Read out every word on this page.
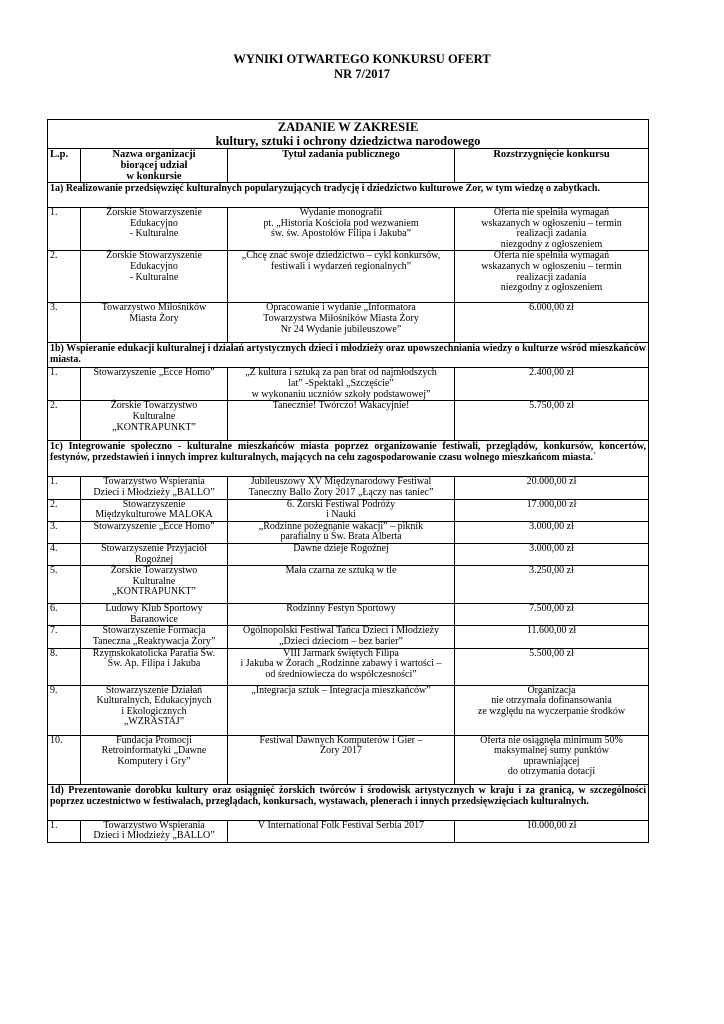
WYNIKI OTWARTEGO KONKURSU OFERT
NR 7/2017
ZADANIE W ZAKRESIE
kultury, sztuki i ochrony dziedzictwa narodowego			

L.p.	Nazwa organizacji
biorącej udział
w konkursie	Tytuł zadania publicznego	Rozstrzygnięcie konkursu
1a) Realizowanie przedsięwzięć kulturalnych popularyzujących tradycję i dziedzictwo kulturowe Żor, w tym wiedzę o zabytkach.			
1.	Żorskie Stowarzyszenie
Edukacyjno
- Kulturalne	Wydanie monografii
pt. „Historia Kościoła pod wezwaniem
św. św. Apostołów Filipa i Jakuba”	Oferta nie spełniła wymagań
wskazanych w ogłoszeniu – termin
realizacji zadania
niezgodny z ogłoszeniem
2.	Żorskie Stowarzyszenie
Edukacyjno
- Kulturalne	„Chcę znać swoje dziedzictwo – cykl konkursów,
festiwali i wydarzeń regionalnych”	Oferta nie spełniła wymagań
wskazanych w ogłoszeniu – termin
realizacji zadania
niezgodny z ogłoszeniem
3.	Towarzystwo Miłośników
Miasta Żory	Opracowanie i wydanie „Informatora
Towarzystwa Miłośników Miasta Żory
Nr 24 Wydanie jubileuszowe”	6.000,00 zł
1b) Wspieranie edukacji kulturalnej i działań artystycznych dzieci i młodzieży oraz upowszechniania wiedzy o kulturze wśród mieszkańców miasta.			
1.	Stowarzyszenie „Ecce Homo”	„Z kultura i sztuką za pan brat od najmłodszych
lat” -Spektakl „Szczęście”
w wykonaniu uczniów szkoły podstawowej”	2.400,00 zł
2.	Żorskie Towarzystwo
Kulturalne
„KONTRAPUNKT”	Tanecznie! Twórczo! Wakacyjnie!	5.750,00 zł
1c) Integrowanie społeczno - kulturalne mieszkańców miasta poprzez organizowanie festiwali, przeglądów, konkursów, koncertów, festynów, przedstawień i innych imprez kulturalnych, mających na celu zagospodarowanie czasu wolnego mieszkańcom miasta.`			
1.	Towarzystwo Wspierania
Dzieci i Młodzieży „BALLO”	Jubileuszowy XV Międzynarodowy Festiwal
Taneczny Ballo Żory 2017 „Łączy nas taniec”	20.000,00 zł
2.	Stowarzyszenie
Międzykulturowe MALOKA	6. Żorski Festiwal Podróży
i Nauki	17.000,00 zł
3.	Stowarzyszenie „Ecce Homo”	„Rodzinne pożegnanie wakacji” – piknik
parafialny u Św. Brata Alberta	3.000,00 zł
4.	Stowarzyszenie Przyjaciół
Rogoźnej	Dawne dzieje Rogoźnej	3.000,00 zł
5.	Żorskie Towarzystwo
Kulturalne
„KONTRAPUNKT”	Mała czarna ze sztuką w tle	3.250,00 zł
6.	Ludowy Klub Sportowy
Baranowice	Rodzinny Festyn Sportowy	7.500,00 zł
7.	Stowarzyszenie Formacja
Taneczna „Reaktywacja Żory”	Ogólnopolski Festiwal Tańca Dzieci i Młodzieży
„Dzieci dzieciom – bez barier”	11.600,00 zł
8.	Rzymskokatolicka Parafia Św.
Św. Ap. Filipa i Jakuba	VIII Jarmark świętych Filipa
i Jakuba w Żorach „Rodzinne zabawy i wartości –
od średniowiecza do współczesności”	5.500,00 zł
9.	Stowarzyszenie Działań
Kulturalnych, Edukacyjnych
i Ekologicznych
„WZRASTAJ”	„Integracja sztuk – Integracja mieszkańców”	Organizacja
nie otrzymała dofinansowania
ze względu na wyczerpanie środków
10.	Fundacja Promocji
Retroinformatyki „Dawne
Komputery i Gry”	Festiwal Dawnych Komputerów i Gier –
Żory 2017	Oferta nie osiągnęła minimum 50%
maksymalnej sumy punktów
uprawniającej
do otrzymania dotacji
1d) Prezentowanie dorobku kultury oraz osiągnięć żorskich twórców i środowisk artystycznych w kraju i za granicą, w szczególności poprzez uczestnictwo w festiwalach, przeglądach, konkursach, wystawach, plenerach i innych przedsięwzięciach kulturalnych.			
1.	Towarzystwo Wspierania
Dzieci i Młodzieży „BALLO”	V International Folk Festival Serbia 2017	10.000,00 zł
